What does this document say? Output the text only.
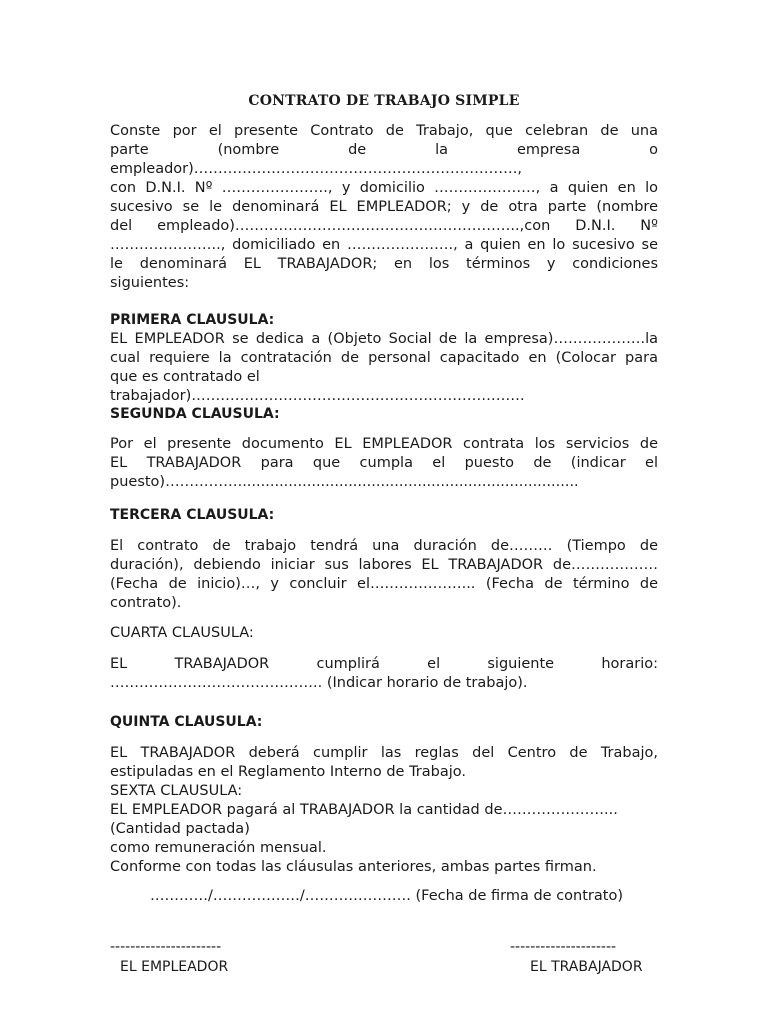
CONTRATO DE TRABAJO SIMPLE
Conste por el presente Contrato de Trabajo, que celebran de una
parte (nombre de la empresa o
empleador)………………………………………………………….,
con D.N.I. Nº …………………., y domicilio …………………, a quien en lo
sucesivo se le denominará EL EMPLEADOR; y de otra parte (nombre
del empleado)…………………………………………………..,con D.N.I. Nº
………………….., domiciliado en …………………., a quien en lo sucesivo se
le denominará EL TRABAJADOR; en los términos y condiciones
siguientes:
PRIMERA CLAUSULA:
EL EMPLEADOR se dedica a (Objeto Social de la empresa)……………….la
cual requiere la contratación de personal capacitado en (Colocar para
que es contratado el trabajador)……………………………………………………………
SEGUNDA CLAUSULA:
Por el presente documento EL EMPLEADOR contrata los servicios de
EL TRABAJADOR para que cumpla el puesto de (indicar el
puesto)……………..........................................................................
TERCERA CLAUSULA:
El contrato de trabajo tendrá una duración de……… (Tiempo de
duración), debiendo iniciar sus labores EL TRABAJADOR de………………
(Fecha de inicio)…, y concluir el….……………... (Fecha de término de
contrato).
CUARTA CLAUSULA:
EL TRABAJADOR cumplirá el siguiente horario:
…………………………………….. (Indicar horario de trabajo).
QUINTA CLAUSULA:
EL TRABAJADOR deberá cumplir las reglas del Centro de Trabajo,
estipuladas en el Reglamento Interno de Trabajo.
SEXTA CLAUSULA:
EL EMPLEADOR pagará al TRABAJADOR la cantidad de…………………...
(Cantidad pactada)
como remuneración mensual.
Conforme con todas las cláusulas anteriores, ambas partes firman.
…………/………………/…………………. (Fecha de firma de contrato)
----------------------
EL EMPLEADOR
---------------------
EL TRABAJADOR
